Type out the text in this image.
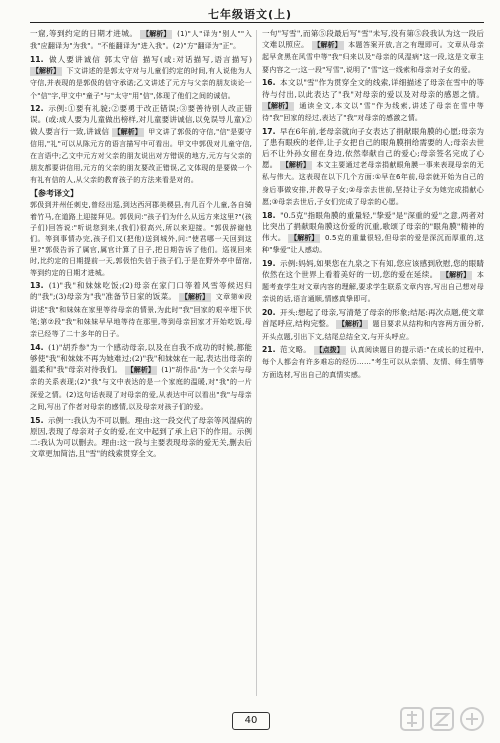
七年级语文(上)
一窟,等到约定的日期才进城。 【解析】 (1)"人"译为"别人""入我"应翻译为"为我"。"不能翻译为"进入我"。(2)"方"翻译为"正"。
11. 做人要讲诚信 郭太守信 描写(或:对话描写,语言描写) 【解析】 下文讲述的是郭太守对与儿童们约定的时间,有人说他为人守信,并表现的是郭伋的信守承诺;乙文讲述了元方与父亲的朋友谈论一个"信"字,甲文中"童子"与"太守"用"信",体现了他们之间的诚信。
12. 示例:①要有礼貌;②要勇于改正错误;③要善待别人改正错误。(或:成人要为儿童做出榜样,对儿童要讲诚信,以免误导儿童)②做人要言行一致,讲诚信 【解析】 甲文讲了郭伋的守信,"信"是要守信用,"礼"可以从陈元方的语言描写中可看出。甲文中郭伋对儿童守信,在言语中;乙文中元方对父亲的朋友说出对方错误的地方,元方与父亲的朋友都要讲信用,元方的父亲的朋友要改正错误,乙文体现的是要做一个有礼有信的人,从父亲的教育孩子的方法来看是对的。
【参考译文】
郭伋到并州任刺史,曾经出巡,到达西河郡美稷县,有几百个儿童,各自骑着竹马,在道路上迎接拜见。郭伋问:"孩子们为什么从远方来这里?"(孩子们)回答说:"听说您到来,(我们)很高兴,所以来迎接。"郭伋辞谢他们。等到事情办完,孩子们又(把他)送到城外,问:"使君哪一天回到这里?"郭伋告诉了属官,属官计算了日子,把日期告诉了他们。巡视回来时,比约定的日期提前一天,郭伋怕失信于孩子们,于是在野外亭中留宿,等到约定的日期才进城。
13. (1)"我"和妹妹吃饭;(2)母亲在家门口等着风雪等候迟归的"我";(3)母亲为"我"准备节日家的饭菜。 【解析】 文章第⑥段讲述"我"和妹妹在家里等待母亲的情景,为此时"我"回家的艰辛埋下伏笔;第⑦段"我"和妹妹早早地等待在那里,等到母亲回家才开始吃饭,母亲已经等了二十多年的日子。
14. (1)"胡乔参"为一个感动母亲,以及在自我不成功的时候,都能够使"我"和妹妹不再为她难过;(2)"我"和妹妹在一起,表达出母亲的温柔和"我"母亲对待我们。 【解析】 (1)"胡作品"为一个父亲与母亲的关系表现;(2)"我"与文中表达的是一个家庭的温暖,对"我"的一片深爱之情。(2)这句话表现了对母亲的爱,从表达中可以看出"我"与母亲之间,写出了作者对母亲的感情,以及母亲对孩子们的爱。
15. 示例一:我认为不可以删。理由:这一段交代了母亲等风湿病的原因,表现了母亲对子女的爱,在文中起到了承上启下的作用。示例二:我认为可以删去。理由:这一段与主要表现母亲的爱无关,删去后文章更加简洁,且"雪"的线索贯穿全文。
一句"写雪",而第⑤段最后写"雪"未写,没有第⑤段我认为这一段后文难以照应。 【解析】 本题答案开放,言之有理即可。文章从母亲起早贪黑在风雪中等"我"归来以及"母亲的风湿病"这一段,这是文章主要内容之一;这一段"写雪",说明了"雪"这一线索和母亲对子女的爱。
16. 本文以"雪"作为贯穿全文的线索,详细描述了母亲在雪中的等待与付出,以此表达了"我"对母亲的爱以及对母亲的感恩之情。 【解析】 通读全文,本文以"雪"作为线索,讲述了母亲在雪中等待"我"回家的经过,表达了"我"对母亲的感激之情。
17. 早在6年前,老母亲就向子女表达了捐献眼角膜的心愿;母亲为了患有眼疾的老伴,让子女把自己的眼角膜捐给需要的人;母亲去世后不让外孙女留在身边,依然奉献自己的爱心;母亲签名完成了心愿。 【解析】 本文主要通过老母亲捐献眼角膜一事来表现母亲的无私与伟大。这表现在以下几个方面:①早在6年前,母亲就开始为自己的身后事做安排,并教导子女;②母亲去世前,坚持让子女为她完成捐献心愿;③母亲去世后,子女们完成了母亲的心愿。
18. "0.5克"指眼角膜的重量轻,"挚爱"是"深重的爱"之意,两者对比突出了捐献眼角膜这份爱的沉重,歌颂了母亲的"眼角膜"精神的伟大。 【解析】 0.5克的重量很轻,但母亲的爱是深沉而厚重的,这种"挚爱"让人感动。
19. 示例:妈妈,如果您在九泉之下有知,您应该感到欣慰,您的眼睛依然在这个世界上看着美好的一切,您的爱在延续。 【解析】 本题考查学生对文章内容的理解,要求学生联系文章内容,写出自己想对母亲说的话,语言通顺,情感真挚即可。
20. 开头:想起了母亲,写清楚了母亲的形象;结尾:再次点题,使文章首尾呼应,结构完整。 【解析】 题目要求从结构和内容两方面分析,开头点题,引出下文,结尾总结全文,与开头呼应。
21. 范文略。 【点拨】 认真阅读题目的提示语:"在成长的过程中,每个人都会有许多难忘的经历……"考生可以从亲情、友情、师生情等方面选材,写出自己的真情实感。
40
